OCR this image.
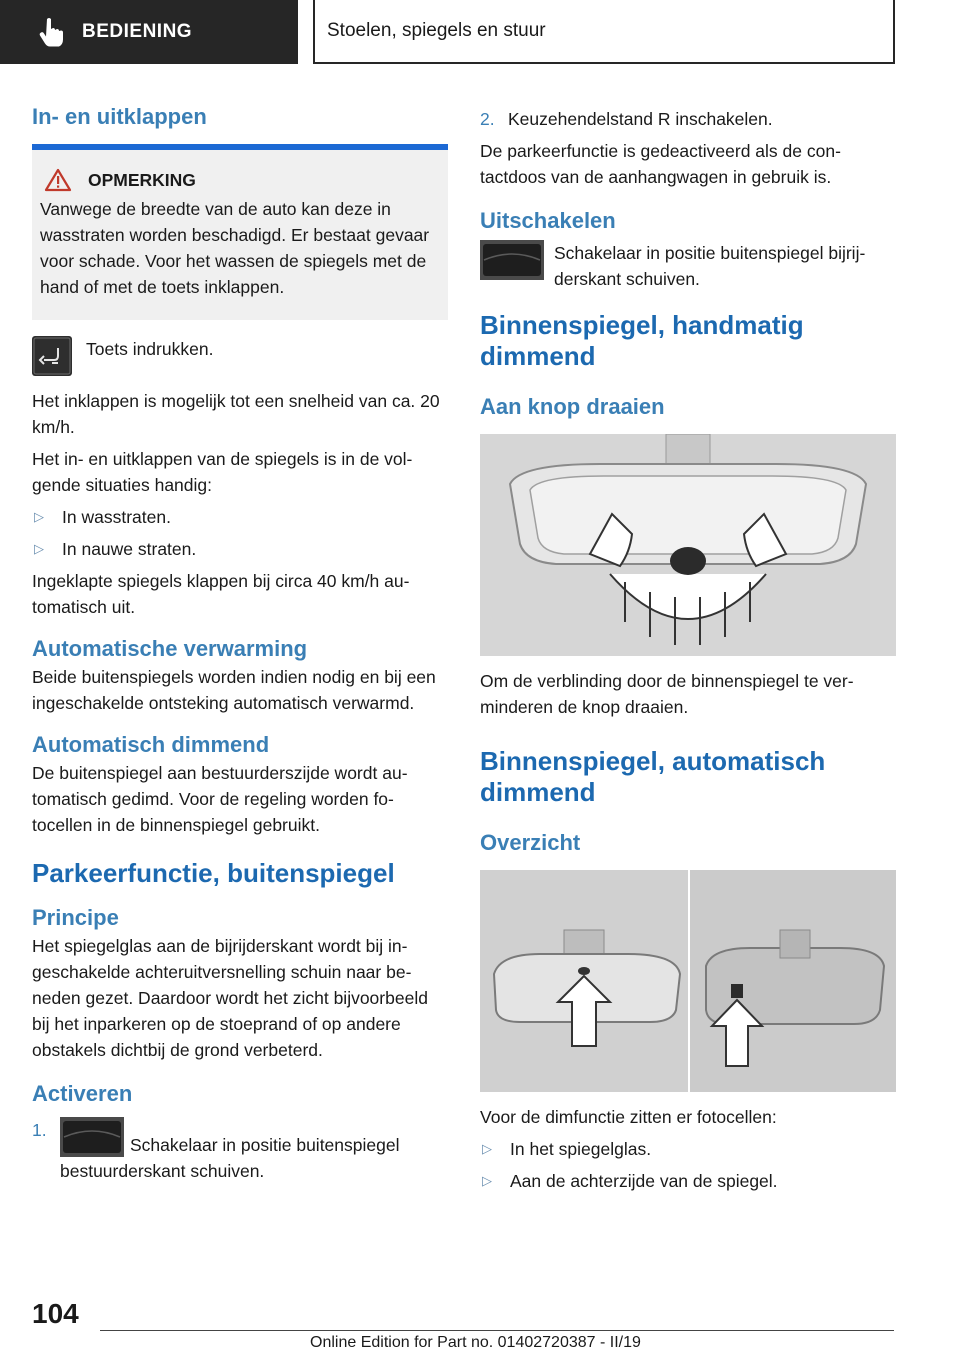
BEDIENING	Stoelen, spiegels en stuur
In- en uitklappen
OPMERKING

Vanwege de breedte van de auto kan deze in wasstraten worden beschadigd. Er bestaat gevaar voor schade. Voor het wassen de spiegels met de hand of met de toets inklappen.

Toets indrukken.

Het inklappen is mogelijk tot een snelheid van ca. 20 km/h.

Het in- en uitklappen van de spiegels is in de volgende situaties handig:

▷	In wasstraten.
▷	In nauwe straten.

Ingeklapte spiegels klappen bij circa 40 km/h automatisch uit.

Automatische verwarming

Beide buitenspiegels worden indien nodig en bij een ingeschakelde ontsteking automatisch verwarmd.

Automatisch dimmend

De buitenspiegel aan bestuurderszijde wordt automatisch gedimd. Voor de regeling worden fotocellen in de binnenspiegel gebruikt.

Parkeerfunctie, buitenspiegel
Principe

Het spiegelglas aan de bijrijderskant wordt bij ingeschakelde achteruitversnelling schuin naar beneden gezet. Daardoor wordt het zicht bijvoorbeeld bij het inparkeren op de stoeprand of op andere obstakels dichtbij de grond verbeterd.

Activeren
1.
Schakelaar in positie buitenspiegel bestuurderskant schuiven.
2. Keuzehendelstand R inschakelen.

De parkeerfunctie is gedeactiveerd als de contactdoos van de aanhangwagen in gebruik is.

Uitschakelen

Schakelaar in positie buitenspiegel bijrijderskant schuiven.

Binnenspiegel, handmatig dimmend
Aan knop draaien

Om de verblinding door de binnenspiegel te verminderen de knop draaien.

Binnenspiegel, automatisch dimmend
Overzicht

Voor de dimfunctie zitten er fotocellen:

▷	In het spiegelglas.
▷	Aan de achterzijde van de spiegel.
104
Online Edition for Part no. 01402720387 - II/19
